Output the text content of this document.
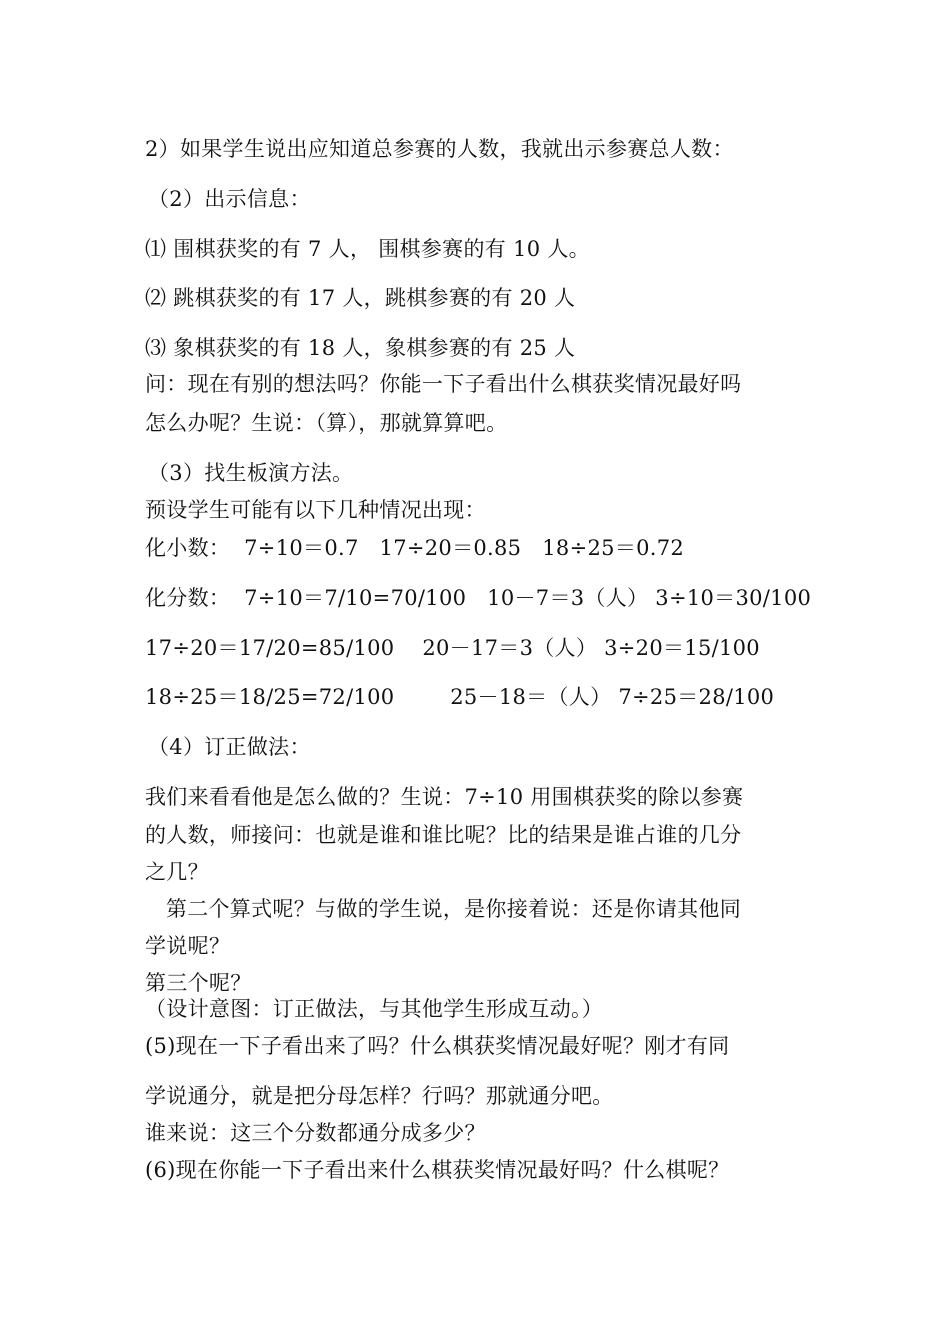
2）如果学生说出应知道总参赛的人数，我就出示参赛总人数：
（2）出示信息：
⑴ 围棋获奖的有 7 人， 围棋参赛的有 10 人。
⑵ 跳棋获奖的有 17 人，跳棋参赛的有 20 人
⑶ 象棋获奖的有 18 人，象棋参赛的有 25 人
问：现在有别的想法吗？你能一下子看出什么棋获奖情况最好吗
怎么办呢？生说：（算），那就算算吧。
（3）找生板演方法。
预设学生可能有以下几种情况出现：
化小数：  7÷10＝0.7   17÷20＝0.85   18÷25＝0.72
化分数：  7÷10＝7/10=70/100   10－7＝3（人） 3÷10＝30/100
17÷20＝17/20=85/100    20－17＝3（人） 3÷20＝15/100
18÷25＝18/25=72/100        25－18＝（人） 7÷25＝28/100
（4）订正做法：
我们来看看他是怎么做的？生说：7÷10 用围棋获奖的除以参赛
的人数，师接问：也就是谁和谁比呢？比的结果是谁占谁的几分
之几？
第二个算式呢？与做的学生说，是你接着说：还是你请其他同
学说呢？
第三个呢？
（设计意图：订正做法，与其他学生形成互动。）
(5)现在一下子看出来了吗？什么棋获奖情况最好呢？刚才有同
学说通分，就是把分母怎样？行吗？那就通分吧。
谁来说：这三个分数都通分成多少？
(6)现在你能一下子看出来什么棋获奖情况最好吗？什么棋呢？
